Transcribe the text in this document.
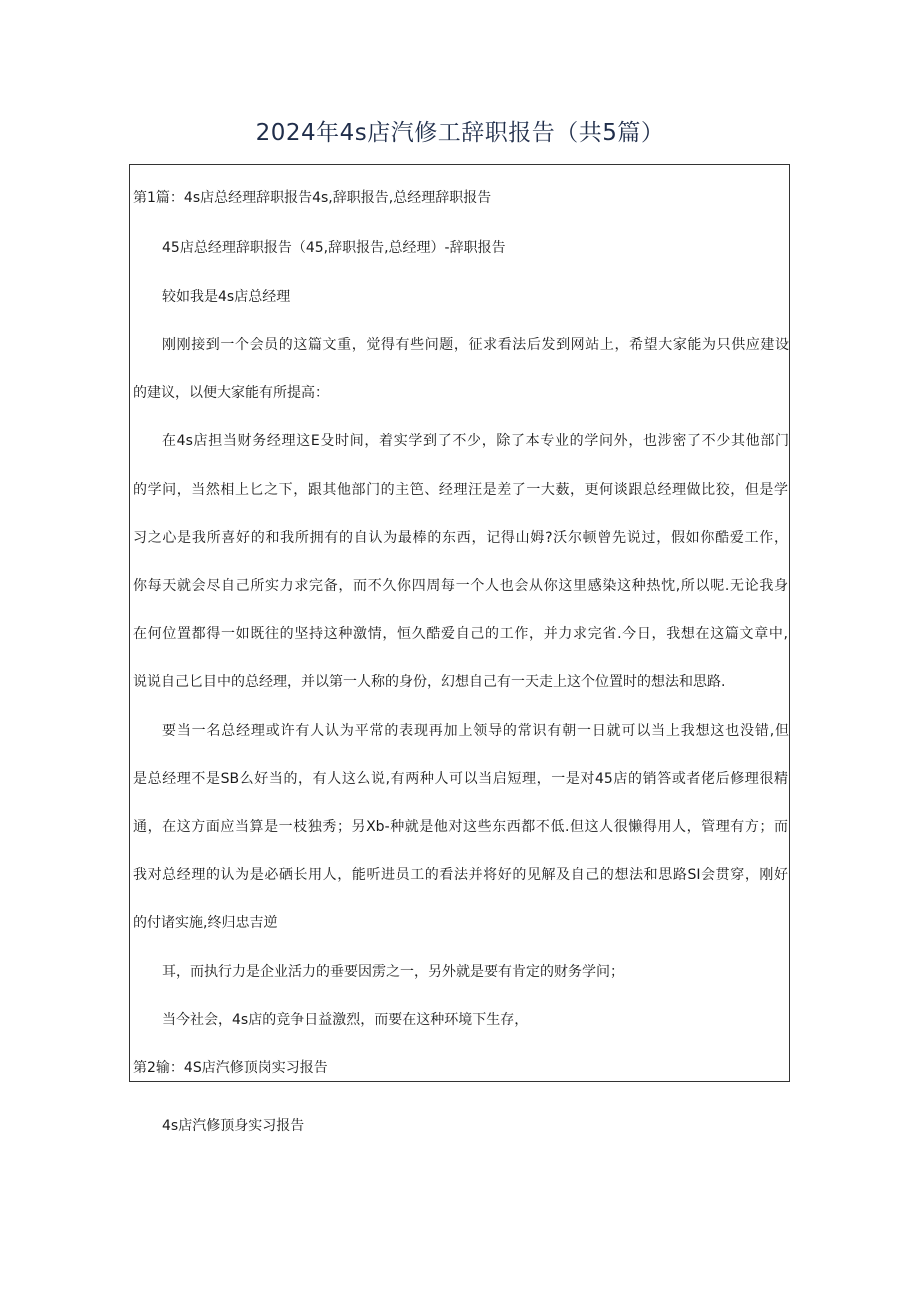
2024年4s店汽修工辞职报告（共5篇）
第1篇：4s店总经理辞职报告4s,辞职报告,总经理辞职报告
45店总经理辞职报告（45,辞职报告,总经理）-辞职报告
较如我是4s店总经理
刚刚接到一个会员的这篇文重，觉得有些问题，征求看法后发到网站上，希望大家能为只供应建设
的建议，以便大家能有所提高：
在4s店担当财务经理这E殳时间，着实学到了不少，除了本专业的学问外，也涉密了不少其他部门
的学问，当然相上匕之下，跟其他部门的主笆、经理汪是差了一大薮，更何谈跟总经理做比狡，但是学
习之心是我所喜好的和我所拥有的自认为最棒的东西，记得山姆?沃尔顿曾先说过，假如你酷爱工作，
你每天就会尽自己所实力求完备，而不久你四周每一个人也会从你这里感染这种热忱,所以呢.无论我身
在何位置都得一如既往的坚持这种激情，恒久酷爱自己的工作，并力求完省.今日，我想在这篇文章中,
说说自己匕目中的总经理，并以第一人称的身份，幻想自己有一天走上这个位置时的想法和思路.
要当一名总经理或许有人认为平常的表现再加上领导的常识有朝一日就可以当上我想这也没错,但
是总经理不是SB么好当的，有人这么说,有两种人可以当启短理，一是对45店的销答或者佬后修理很精
通，在这方面应当算是一枝独秀；另Xb-种就是他对这些东西都不低.但这人很懒得用人，管理有方；而
我对总经理的认为是必硒长用人，能听进员工的看法并将好的见解及自己的想法和思路SI会贯穿，刚好
的付诸实施,终归忠吉逆
耳，而执行力是企业活力的垂要因雳之一，另外就是要有肯定的财务学问；
当今社会，4s店的竞争日益激烈，而要在这种环境下生存，
第2输：4S店汽修顶岗实习报告
4s店汽修顶身实习报告
